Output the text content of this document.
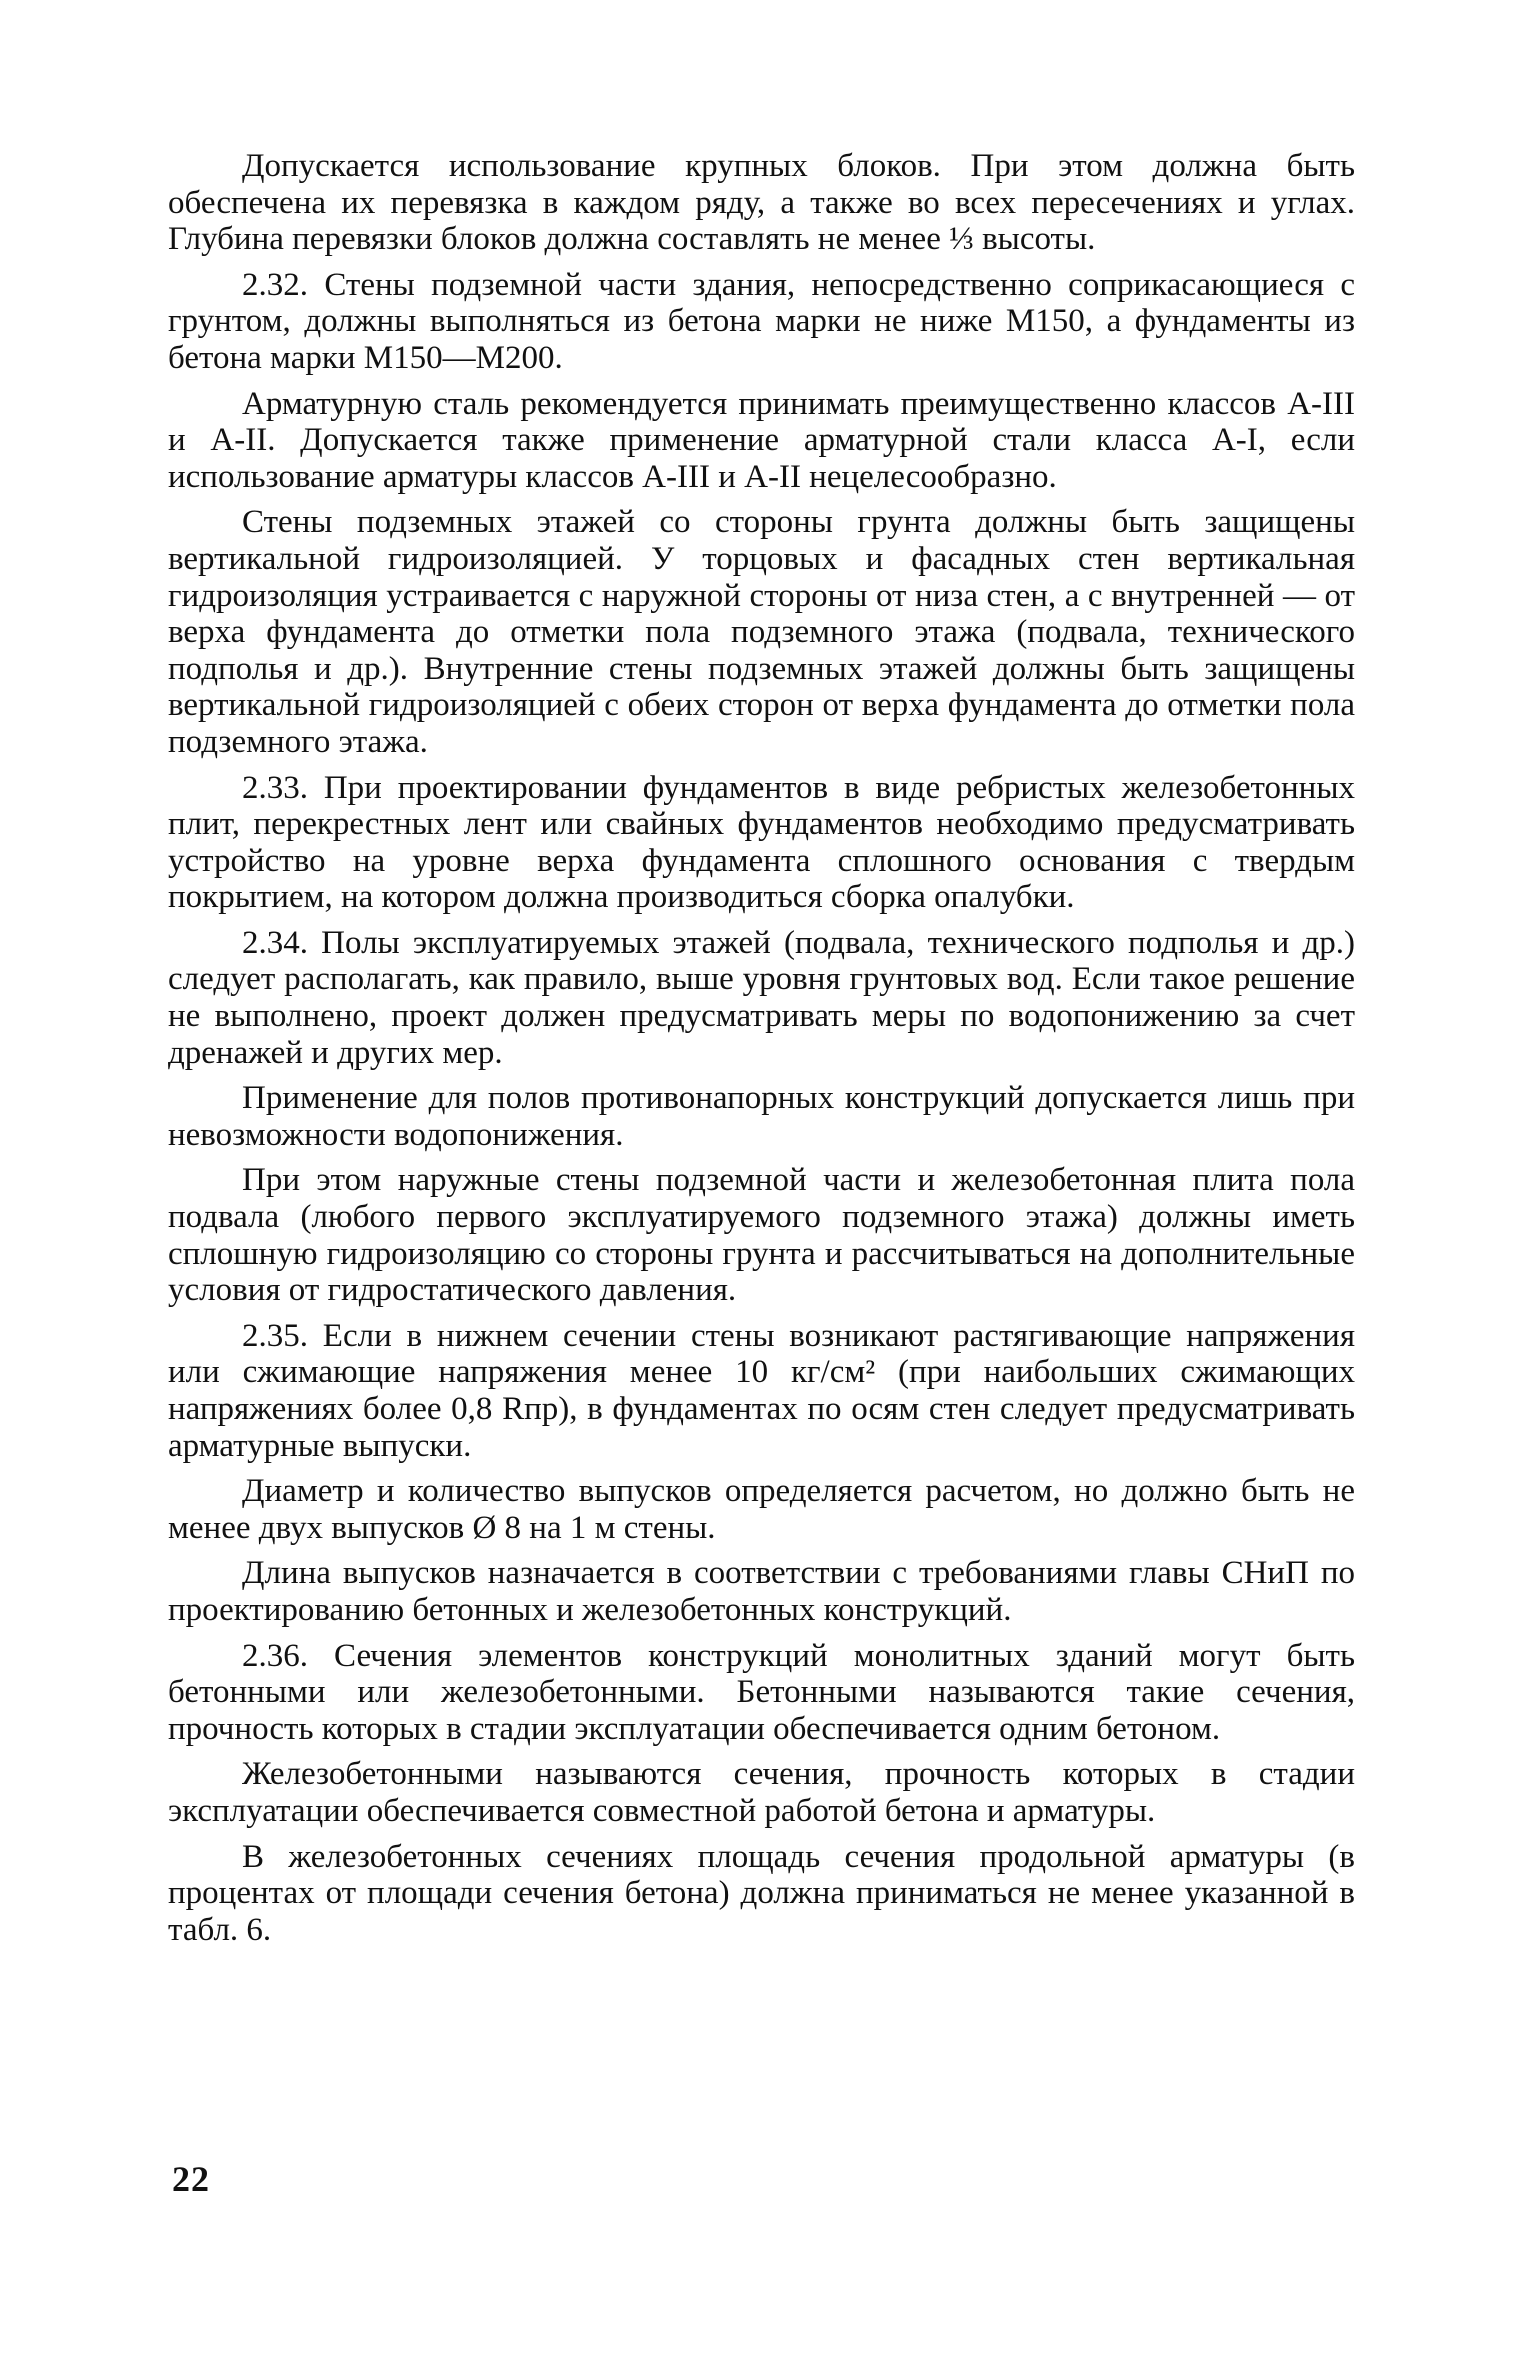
Допускается использование крупных блоков. При этом должна быть обеспечена их перевязка в каждом ряду, а также во всех пересечениях и углах. Глубина перевязки блоков должна составлять не менее ⅓ высоты.

2.32. Стены подземной части здания, непосредственно соприкасающиеся с грунтом, должны выполняться из бетона марки не ниже М150, а фундаменты из бетона марки М150—М200.

Арматурную сталь рекомендуется принимать преимущественно классов А-III и А-II. Допускается также применение арматурной стали класса А-I, если использование арматуры классов А-III и А-II нецелесообразно.

Стены подземных этажей со стороны грунта должны быть защищены вертикальной гидроизоляцией. У торцовых и фасадных стен вертикальная гидроизоляция устраивается с наружной стороны от низа стен, а с внутренней — от верха фундамента до отметки пола подземного этажа (подвала, технического подполья и др.). Внутренние стены подземных этажей должны быть защищены вертикальной гидроизоляцией с обеих сторон от верха фундамента до отметки пола подземного этажа.

2.33. При проектировании фундаментов в виде ребристых железобетонных плит, перекрестных лент или свайных фундаментов необходимо предусматривать устройство на уровне верха фундамента сплошного основания с твердым покрытием, на котором должна производиться сборка опалубки.

2.34. Полы эксплуатируемых этажей (подвала, технического подполья и др.) следует располагать, как правило, выше уровня грунтовых вод. Если такое решение не выполнено, проект должен предусматривать меры по водопонижению за счет дренажей и других мер.

Применение для полов противонапорных конструкций допускается лишь при невозможности водопонижения.

При этом наружные стены подземной части и железобетонная плита пола подвала (любого первого эксплуатируемого подземного этажа) должны иметь сплошную гидроизоляцию со стороны грунта и рассчитываться на дополнительные условия от гидростатического давления.

2.35. Если в нижнем сечении стены возникают растягивающие напряжения или сжимающие напряжения менее 10 кг/см² (при наибольших сжимающих напряжениях более 0,8 Rпр), в фундаментах по осям стен следует предусматривать арматурные выпуски.

Диаметр и количество выпусков определяется расчетом, но должно быть не менее двух выпусков Ø 8 на 1 м стены.

Длина выпусков назначается в соответствии с требованиями главы СНиП по проектированию бетонных и железобетонных конструкций.

2.36. Сечения элементов конструкций монолитных зданий могут быть бетонными или железобетонными. Бетонными называются такие сечения, прочность которых в стадии эксплуатации обеспечивается одним бетоном.

Железобетонными называются сечения, прочность которых в стадии эксплуатации обеспечивается совместной работой бетона и арматуры.

В железобетонных сечениях площадь сечения продольной арматуры (в процентах от площади сечения бетона) должна приниматься не менее указанной в табл. 6.

22
